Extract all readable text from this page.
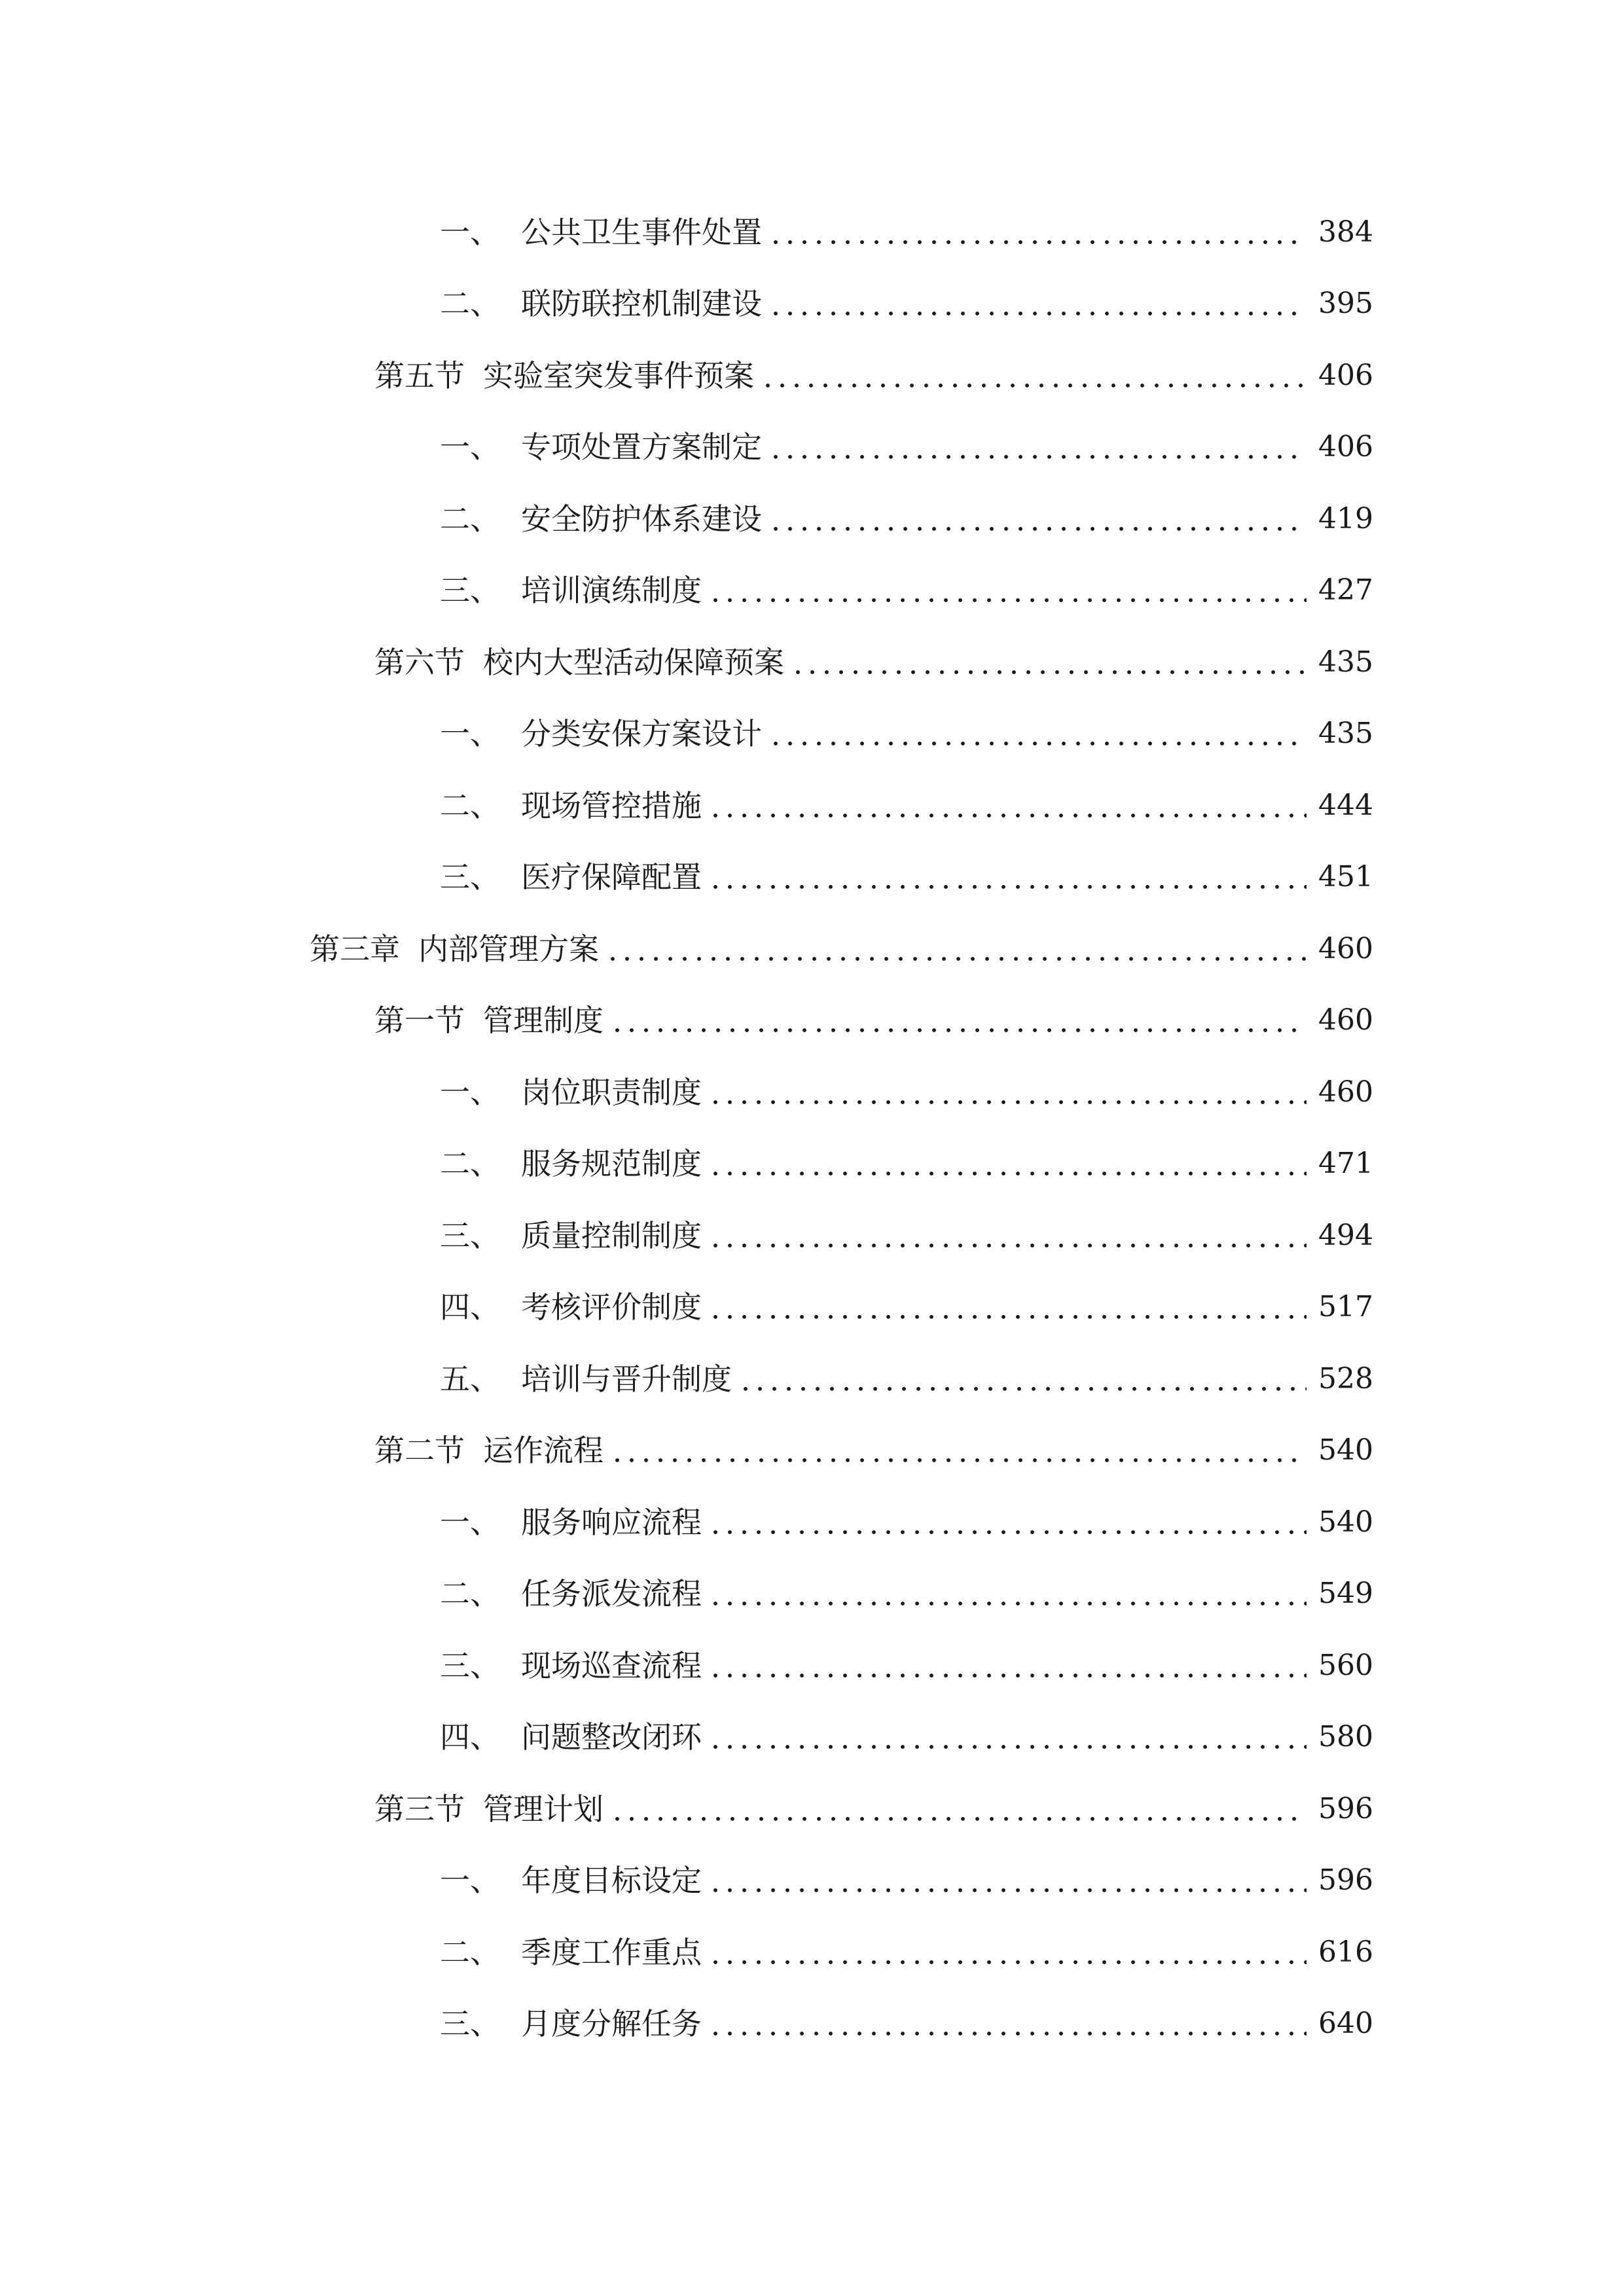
一、 公共卫生事件处置	384
二、 联防联控机制建设	395
第五节 实验室突发事件预案	406
一、 专项处置方案制定	406
二、 安全防护体系建设	419
三、 培训演练制度	427
第六节 校内大型活动保障预案	435
一、 分类安保方案设计	435
二、 现场管控措施	444
三、 医疗保障配置	451
第三章 内部管理方案	460
第一节 管理制度	460
一、 岗位职责制度	460
二、 服务规范制度	471
三、 质量控制制度	494
四、 考核评价制度	517
五、 培训与晋升制度	528
第二节 运作流程	540
一、 服务响应流程	540
二、 任务派发流程	549
三、 现场巡查流程	560
四、 问题整改闭环	580
第三节 管理计划	596
一、 年度目标设定	596
二、 季度工作重点	616
三、 月度分解任务	640
